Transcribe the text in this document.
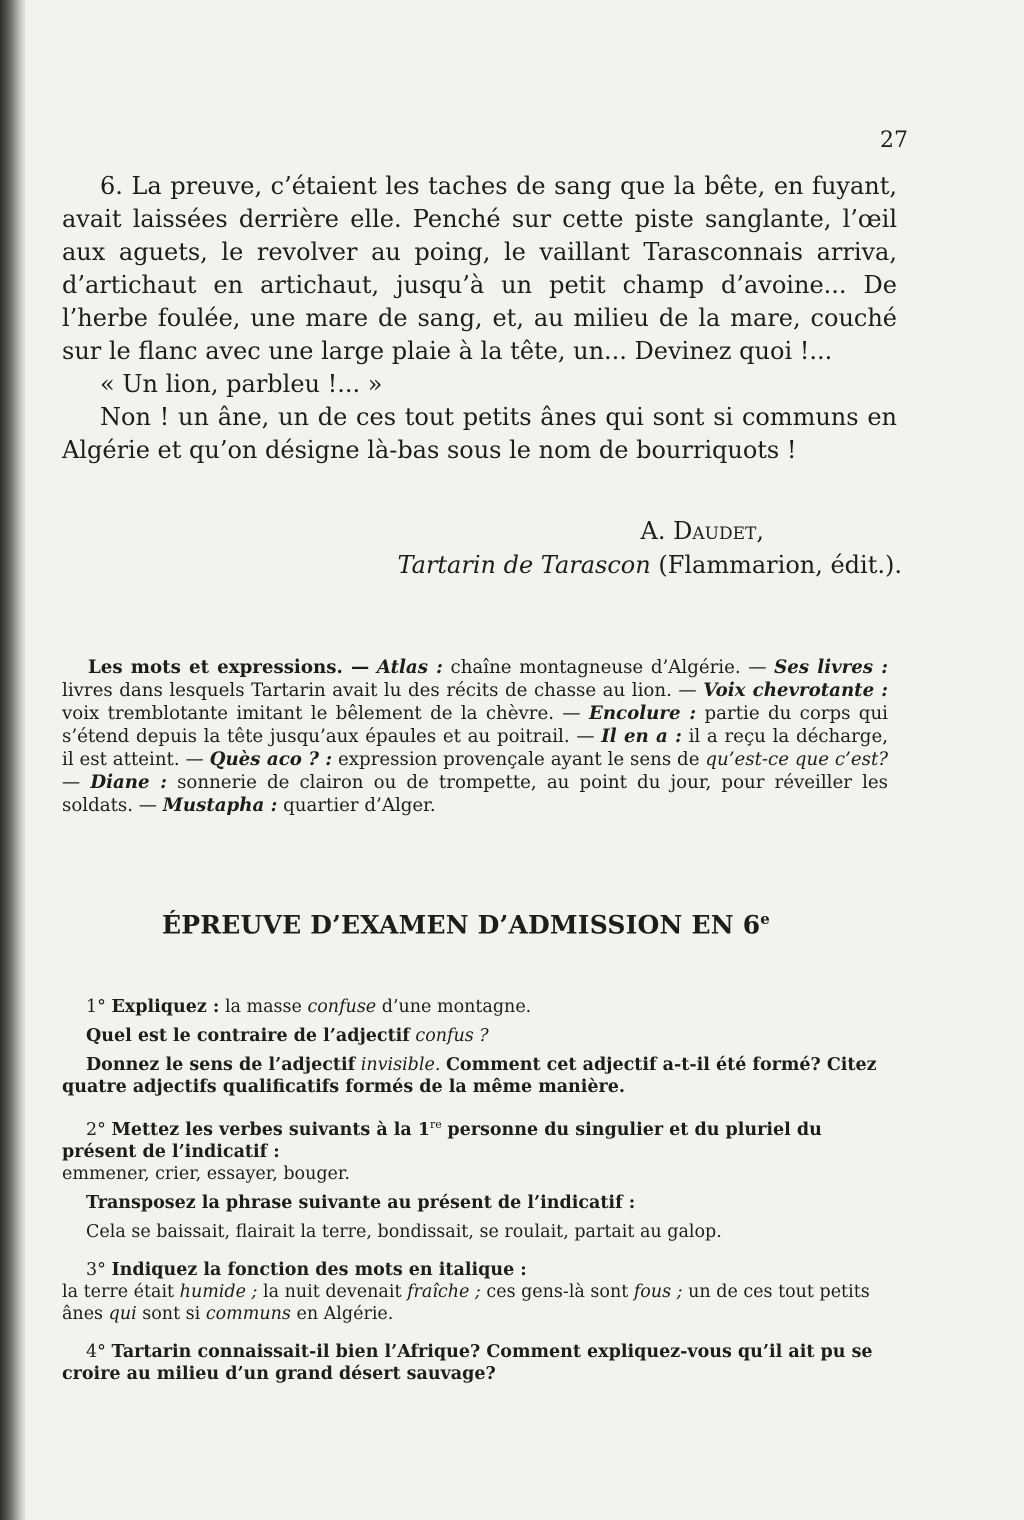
27

6. La preuve, c’étaient les taches de sang que la bête, en fuyant, avait laissées derrière elle. Penché sur cette piste sanglante, l’œil aux aguets, le revolver au poing, le vaillant Tarasconnais arriva, d’artichaut en artichaut, jusqu’à un petit champ d’avoine... De l’herbe foulée, une mare de sang, et, au milieu de la mare, couché sur le flanc avec une large plaie à la tête, un... Devinez quoi !...

« Un lion, parbleu !... »

Non ! un âne, un de ces tout petits ânes qui sont si communs en Algérie et qu’on désigne là-bas sous le nom de bourriquots !

A. Daudet,
Tartarin de Tarascon (Flammarion, édit.).

Les mots et expressions. — Atlas : chaîne montagneuse d’Algérie. — Ses livres : livres dans lesquels Tartarin avait lu des récits de chasse au lion. — Voix chevrotante : voix tremblotante imitant le bêlement de la chèvre. — Encolure : partie du corps qui s’étend depuis la tête jusqu’aux épaules et au poitrail. — Il en a : il a reçu la décharge, il est atteint. — Quès aco ? : expression provençale ayant le sens de qu’est-ce que c’est? — Diane : sonnerie de clairon ou de trompette, au point du jour, pour réveiller les soldats. — Mustapha : quartier d’Alger.

ÉPREUVE D’EXAMEN D’ADMISSION EN 6e
1° Expliquez : la masse confuse d’une montagne.
Quel est le contraire de l’adjectif confus ?
Donnez le sens de l’adjectif invisible. Comment cet adjectif a-t-il été formé? Citez quatre adjectifs qualificatifs formés de la même manière.
2° Mettez les verbes suivants à la 1re personne du singulier et du pluriel du présent de l’indicatif :
emmener, crier, essayer, bouger.
Transposez la phrase suivante au présent de l’indicatif :
Cela se baissait, flairait la terre, bondissait, se roulait, partait au galop.
3° Indiquez la fonction des mots en italique :
la terre était humide ; la nuit devenait fraîche ; ces gens-là sont fous ; un de ces tout petits ânes qui sont si communs en Algérie.
4° Tartarin connaissait-il bien l’Afrique? Comment expliquez-vous qu’il ait pu se croire au milieu d’un grand désert sauvage?
